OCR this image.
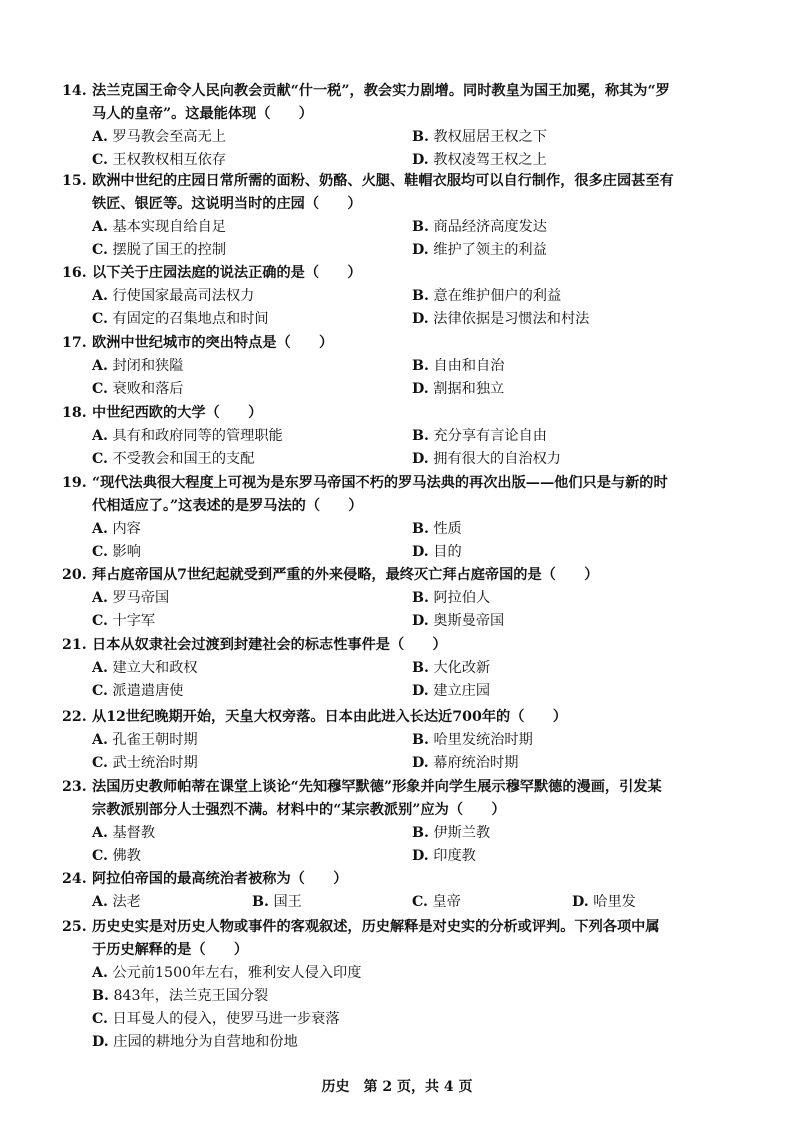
14. 法兰克国王命令人民向教会贡献“什一税”，教会实力剧增。同时教皇为国王加冕，称其为“罗
马人的皇帝”。这最能体现（　　）
A. 罗马教会至高无上	B. 教权屈居王权之下
C. 王权教权相互依存	D. 教权凌驾王权之上
15. 欧洲中世纪的庄园日常所需的面粉、奶酪、火腿、鞋帽衣服均可以自行制作，很多庄园甚至有
铁匠、银匠等。这说明当时的庄园（　　）
A. 基本实现自给自足	B. 商品经济高度发达
C. 摆脱了国王的控制	D. 维护了领主的利益
16. 以下关于庄园法庭的说法正确的是（　　）
A. 行使国家最高司法权力	B. 意在维护佃户的利益
C. 有固定的召集地点和时间	D. 法律依据是习惯法和村法
17. 欧洲中世纪城市的突出特点是（　　）
A. 封闭和狭隘	B. 自由和自治
C. 衰败和落后	D. 割据和独立
18. 中世纪西欧的大学（　　）
A. 具有和政府同等的管理职能	B. 充分享有言论自由
C. 不受教会和国王的支配	D. 拥有很大的自治权力
19. “现代法典很大程度上可视为是东罗马帝国不朽的罗马法典的再次出版——他们只是与新的时
代相适应了。”这表述的是罗马法的（　　）
A. 内容	B. 性质
C. 影响	D. 目的
20. 拜占庭帝国从7世纪起就受到严重的外来侵略，最终灭亡拜占庭帝国的是（　　）
A. 罗马帝国	B. 阿拉伯人
C. 十字军	D. 奥斯曼帝国
21. 日本从奴隶社会过渡到封建社会的标志性事件是（　　）
A. 建立大和政权	B. 大化改新
C. 派遣遣唐使	D. 建立庄园
22. 从12世纪晚期开始，天皇大权旁落。日本由此进入长达近700年的（　　）
A. 孔雀王朝时期	B. 哈里发统治时期
C. 武士统治时期	D. 幕府统治时期
23. 法国历史教师帕蒂在课堂上谈论“先知穆罕默德”形象并向学生展示穆罕默德的漫画，引发某
宗教派别部分人士强烈不满。材料中的“某宗教派别”应为（　　）
A. 基督教	B. 伊斯兰教
C. 佛教	D. 印度教
24. 阿拉伯帝国的最高统治者被称为（　　）
A. 法老	B. 国王	C. 皇帝	D. 哈里发
25. 历史史实是对历史人物或事件的客观叙述，历史解释是对史实的分析或评判。下列各项中属
于历史解释的是（　　）
A. 公元前1500年左右，雅利安人侵入印度
B. 843年，法兰克王国分裂
C. 日耳曼人的侵入，使罗马进一步衰落
D. 庄园的耕地分为自营地和份地
历史　第 2 页，共 4 页
